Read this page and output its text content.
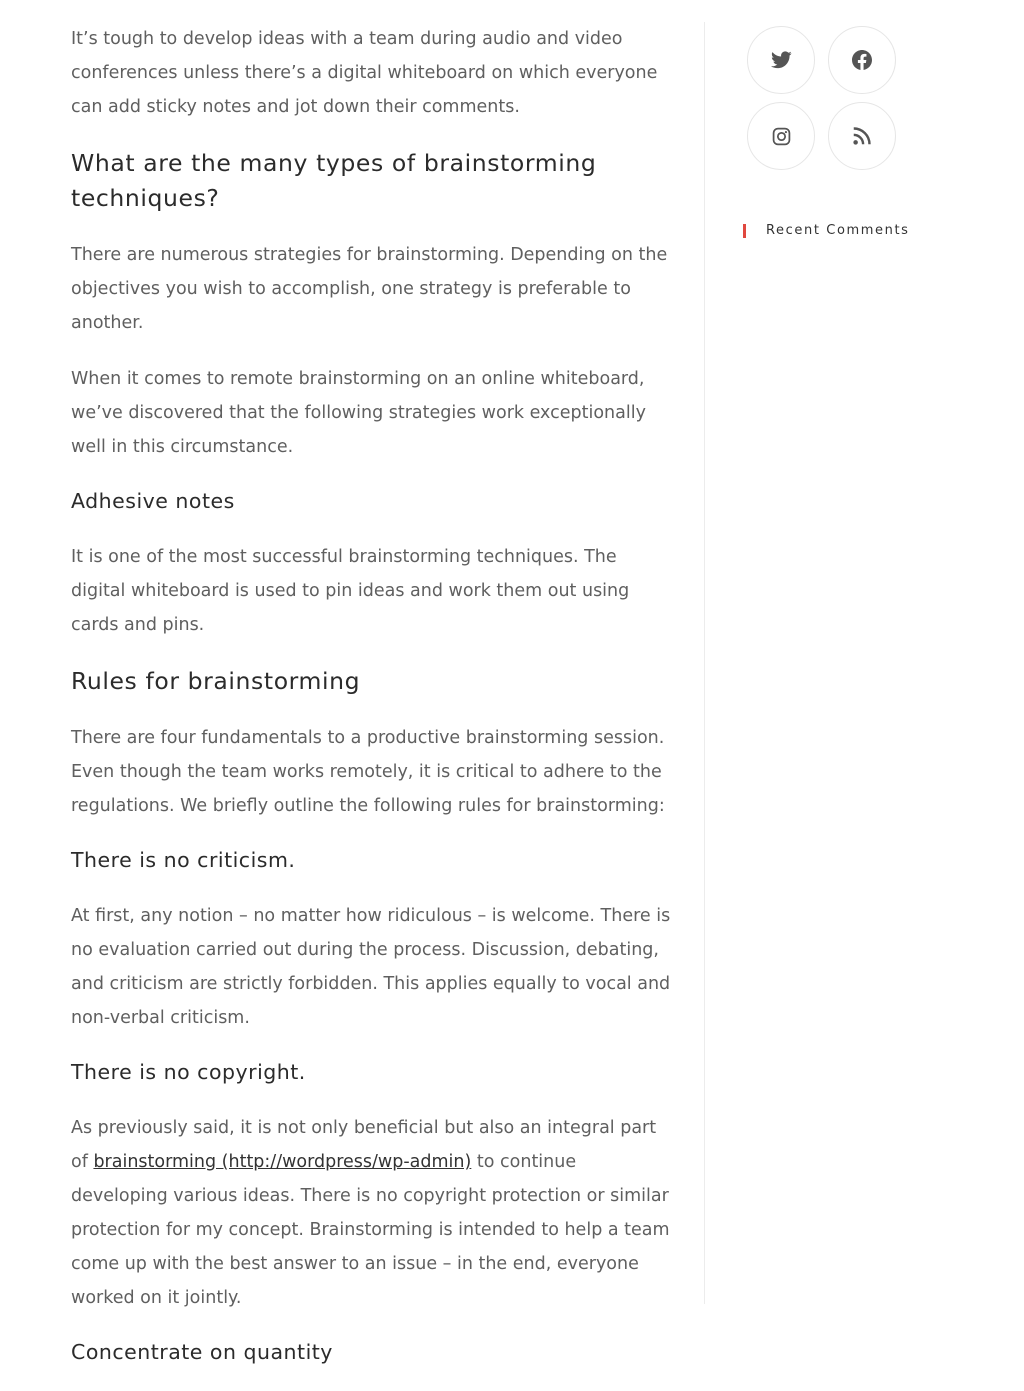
It’s tough to develop ideas with a team during audio and video conferences unless there’s a digital whiteboard on which everyone can add sticky notes and jot down their comments.

What are the many types of brainstorming techniques?

There are numerous strategies for brainstorming. Depending on the objectives you wish to accomplish, one strategy is preferable to another.

When it comes to remote brainstorming on an online whiteboard, we’ve discovered that the following strategies work exceptionally well in this circumstance.

Adhesive notes

It is one of the most successful brainstorming techniques. The digital whiteboard is used to pin ideas and work them out using cards and pins.

Rules for brainstorming

There are four fundamentals to a productive brainstorming session. Even though the team works remotely, it is critical to adhere to the regulations. We briefly outline the following rules for brainstorming:

There is no criticism.

At first, any notion – no matter how ridiculous – is welcome. There is no evaluation carried out during the process. Discussion, debating, and criticism are strictly forbidden. This applies equally to vocal and non-verbal criticism.

There is no copyright.

As previously said, it is not only beneficial but also an integral part of brainstorming (http://wordpress/wp-admin) to continue developing various ideas. There is no copyright protection or similar protection for my concept. Brainstorming is intended to help a team come up with the best answer to an issue – in the end, everyone worked on it jointly.

Concentrate on quantity
Recent Comments
